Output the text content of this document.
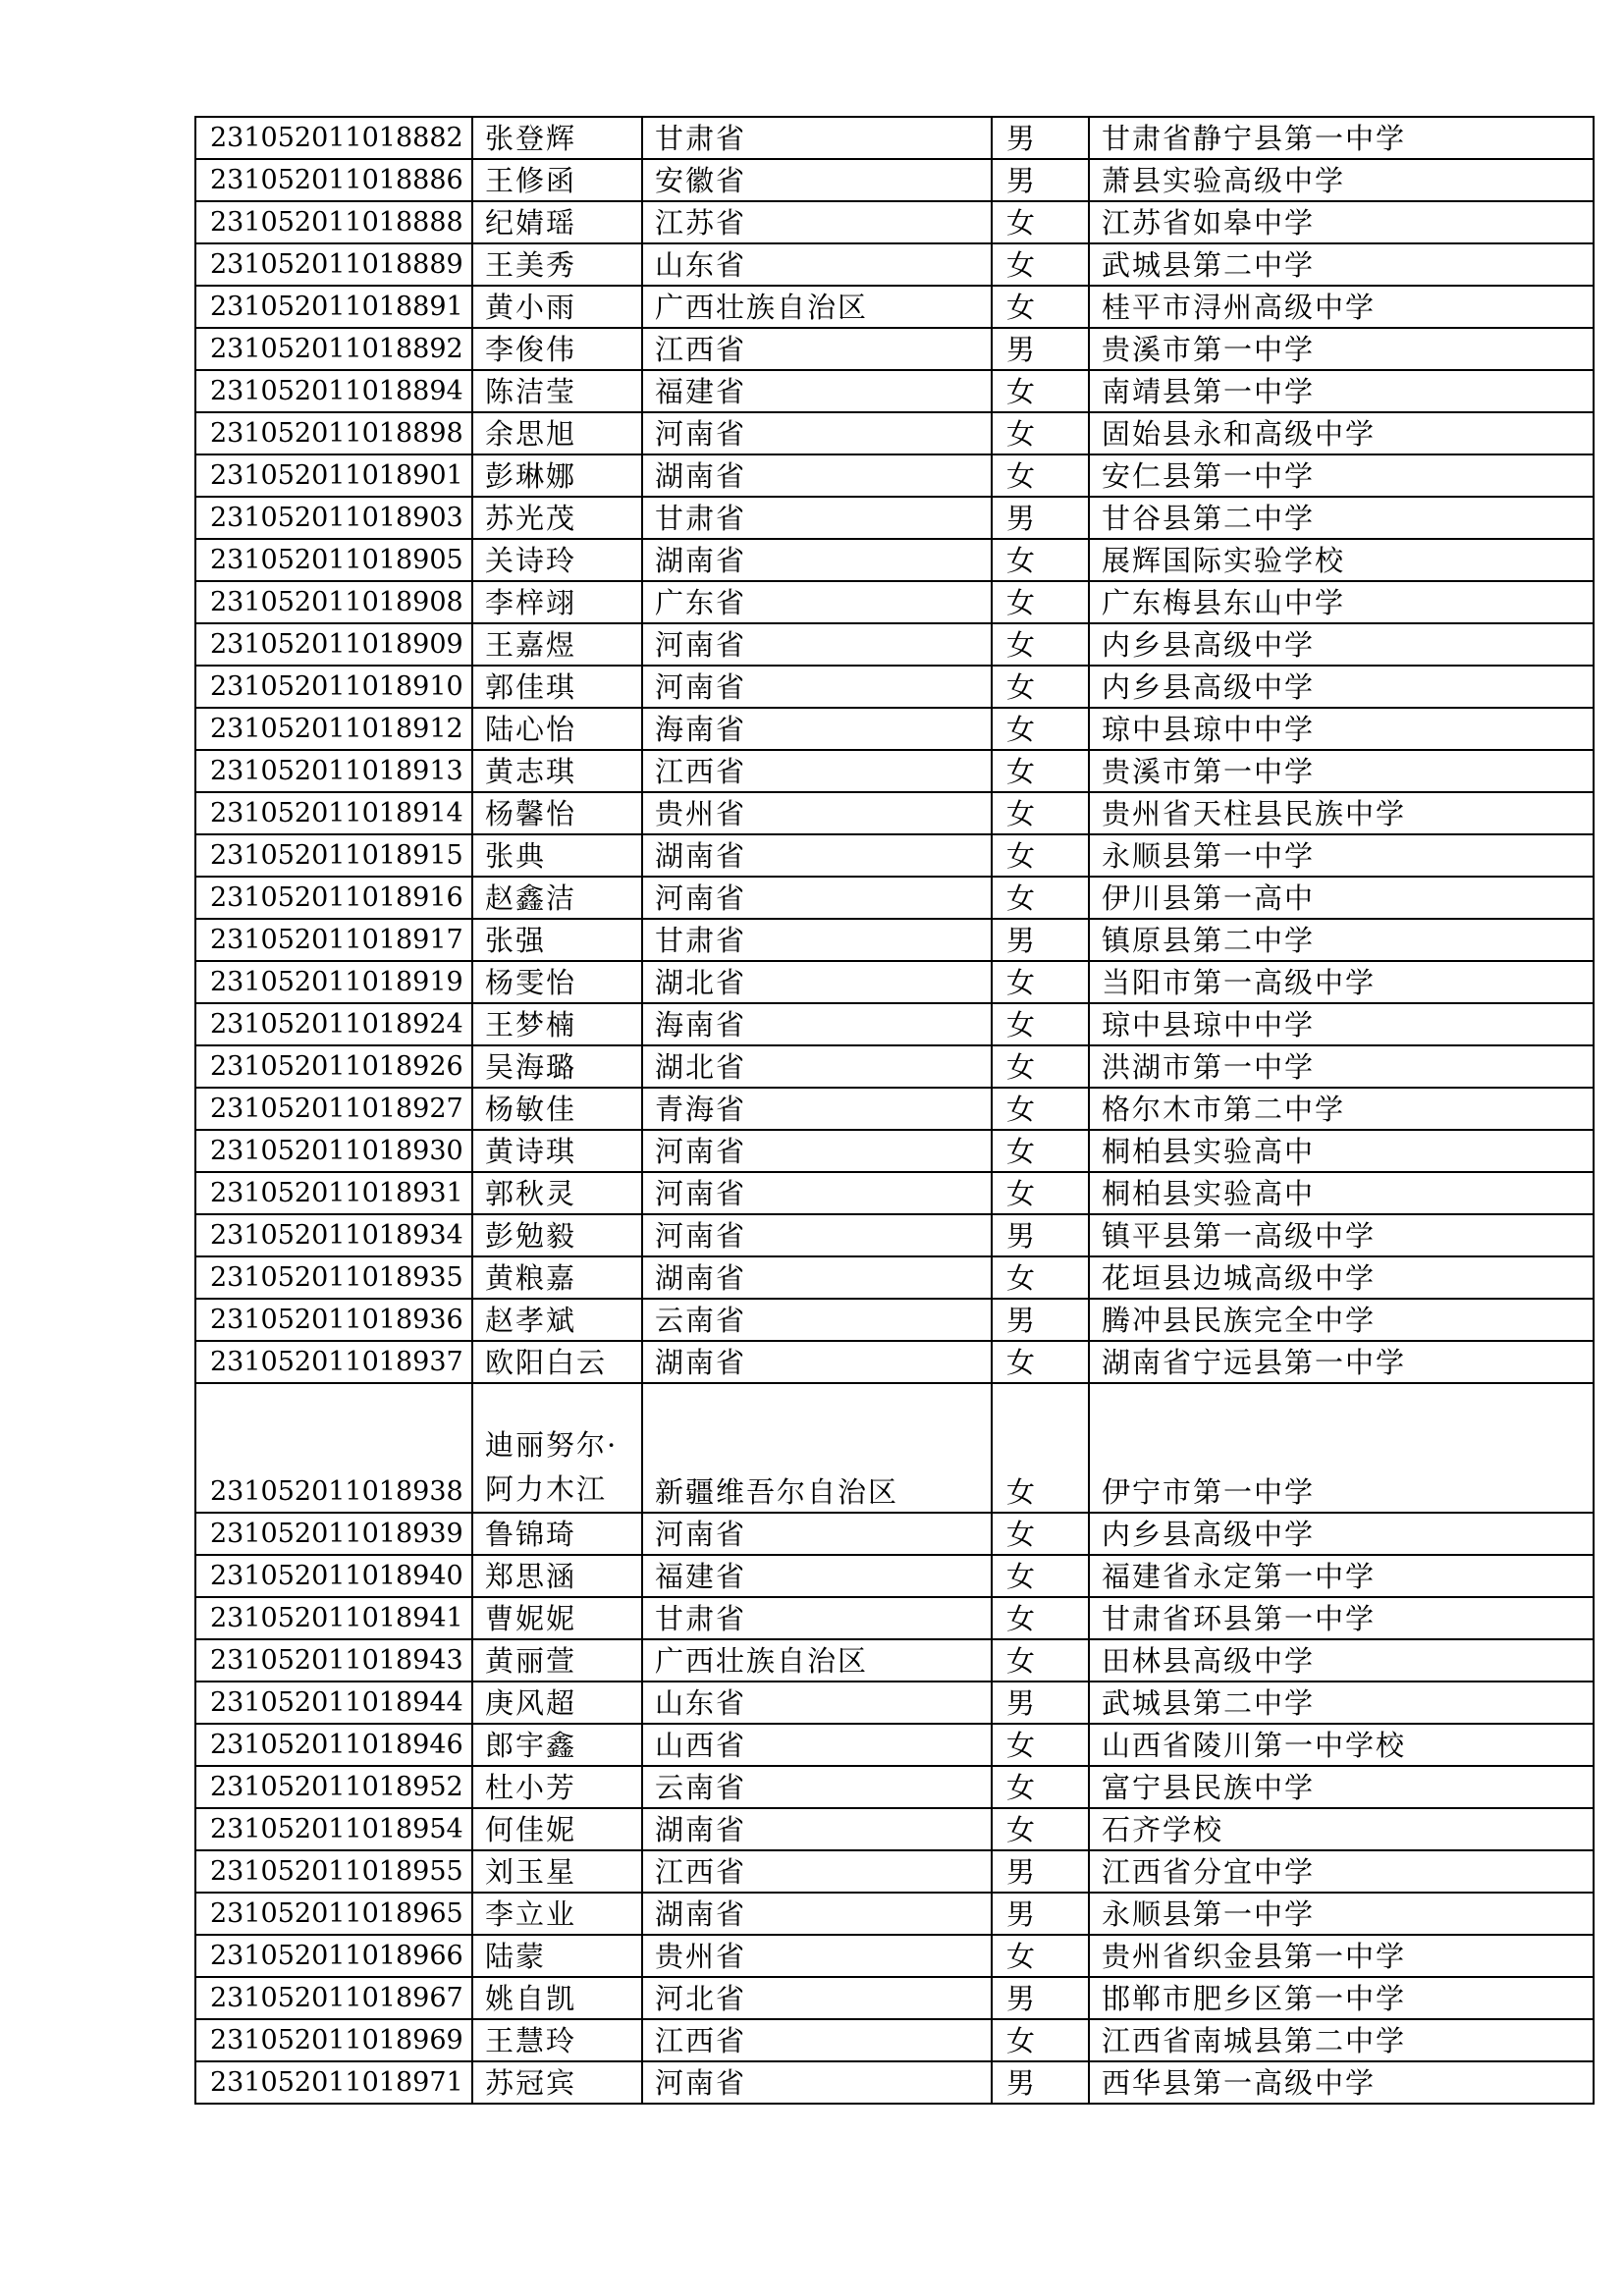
231052011018882	张登辉	甘肃省	男	甘肃省静宁县第一中学
231052011018886	王修函	安徽省	男	萧县实验高级中学
231052011018888	纪婧瑶	江苏省	女	江苏省如皋中学
231052011018889	王美秀	山东省	女	武城县第二中学
231052011018891	黄小雨	广西壮族自治区	女	桂平市浔州高级中学
231052011018892	李俊伟	江西省	男	贵溪市第一中学
231052011018894	陈洁莹	福建省	女	南靖县第一中学
231052011018898	余思旭	河南省	女	固始县永和高级中学
231052011018901	彭琳娜	湖南省	女	安仁县第一中学
231052011018903	苏光茂	甘肃省	男	甘谷县第二中学
231052011018905	关诗玲	湖南省	女	展辉国际实验学校
231052011018908	李梓翊	广东省	女	广东梅县东山中学
231052011018909	王嘉煜	河南省	女	内乡县高级中学
231052011018910	郭佳琪	河南省	女	内乡县高级中学
231052011018912	陆心怡	海南省	女	琼中县琼中中学
231052011018913	黄志琪	江西省	女	贵溪市第一中学
231052011018914	杨馨怡	贵州省	女	贵州省天柱县民族中学
231052011018915	张典	湖南省	女	永顺县第一中学
231052011018916	赵鑫洁	河南省	女	伊川县第一高中
231052011018917	张强	甘肃省	男	镇原县第二中学
231052011018919	杨雯怡	湖北省	女	当阳市第一高级中学
231052011018924	王梦楠	海南省	女	琼中县琼中中学
231052011018926	吴海璐	湖北省	女	洪湖市第一中学
231052011018927	杨敏佳	青海省	女	格尔木市第二中学
231052011018930	黄诗琪	河南省	女	桐柏县实验高中
231052011018931	郭秋灵	河南省	女	桐柏县实验高中
231052011018934	彭勉毅	河南省	男	镇平县第一高级中学
231052011018935	黄粮嘉	湖南省	女	花垣县边城高级中学
231052011018936	赵孝斌	云南省	男	腾冲县民族完全中学
231052011018937	欧阳白云	湖南省	女	湖南省宁远县第一中学
231052011018938	迪丽努尔·阿力木江	新疆维吾尔自治区	女	伊宁市第一中学
231052011018939	鲁锦琦	河南省	女	内乡县高级中学
231052011018940	郑思涵	福建省	女	福建省永定第一中学
231052011018941	曹妮妮	甘肃省	女	甘肃省环县第一中学
231052011018943	黄丽萱	广西壮族自治区	女	田林县高级中学
231052011018944	庚风超	山东省	男	武城县第二中学
231052011018946	郎宇鑫	山西省	女	山西省陵川第一中学校
231052011018952	杜小芳	云南省	女	富宁县民族中学
231052011018954	何佳妮	湖南省	女	石齐学校
231052011018955	刘玉星	江西省	男	江西省分宜中学
231052011018965	李立业	湖南省	男	永顺县第一中学
231052011018966	陆蒙	贵州省	女	贵州省织金县第一中学
231052011018967	姚自凯	河北省	男	邯郸市肥乡区第一中学
231052011018969	王慧玲	江西省	女	江西省南城县第二中学
231052011018971	苏冠宾	河南省	男	西华县第一高级中学
